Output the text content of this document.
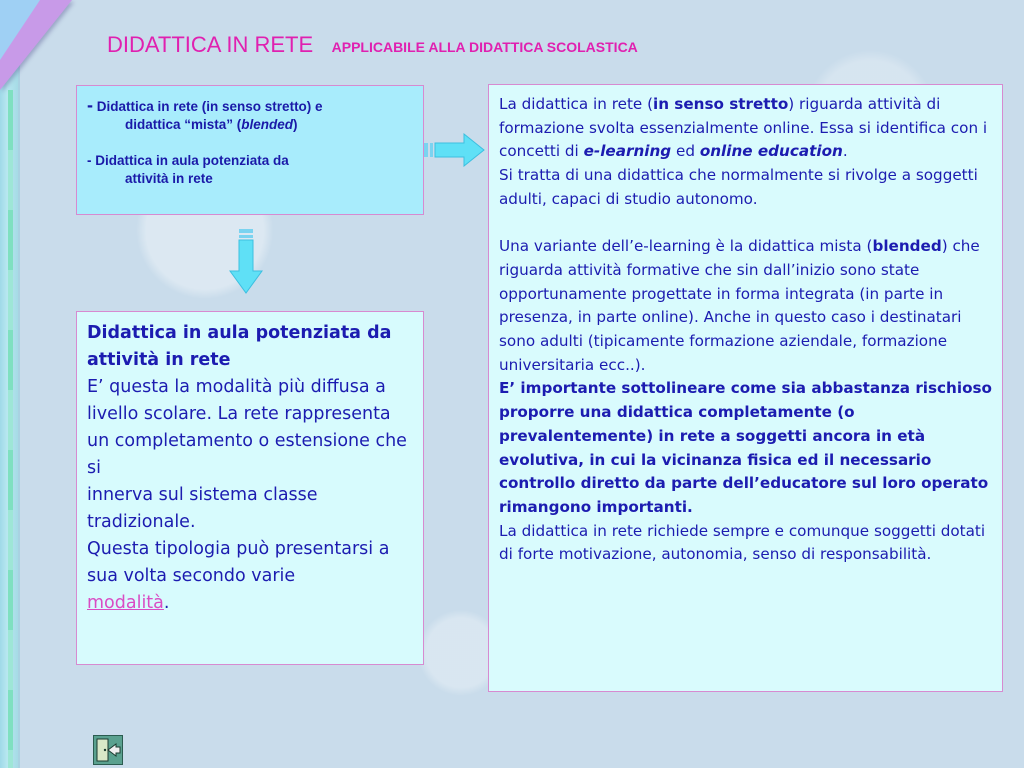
DIDATTICA IN RETE APPLICABILE ALLA DIDATTICA SCOLASTICA
- Didattica in rete (in senso stretto) e
didattica “mista” (blended)
- Didattica in aula potenziata da
attività in rete
Didattica in aula potenziata da attività in rete
E’ questa la modalità più diffusa a livello scolare. La rete rappresenta un completamento o estensione che si
innerva sul sistema classe tradizionale.
Questa tipologia può presentarsi a sua volta secondo varie
modalità.

La didattica in rete (in senso stretto) riguarda attività di formazione svolta essenzialmente online. Essa si identifica con i concetti di e-learning ed online education.

Si tratta di una didattica che normalmente si rivolge a soggetti adulti, capaci di studio autonomo.

Una variante dell’e-learning è la didattica mista (blended) che riguarda attività formative che sin dall’inizio sono state opportunamente progettate in forma integrata (in parte in presenza, in parte online). Anche in questo caso i destinatari sono adulti (tipicamente formazione aziendale, formazione universitaria ecc..).

E’ importante sottolineare come sia abbastanza rischioso proporre una didattica completamente (o
prevalentemente) in rete a soggetti ancora in età evolutiva, in cui la vicinanza fisica ed il necessario controllo diretto da parte dell’educatore sul loro operato rimangono importanti.

La didattica in rete richiede sempre e comunque soggetti dotati di forte motivazione, autonomia, senso di responsabilità.
